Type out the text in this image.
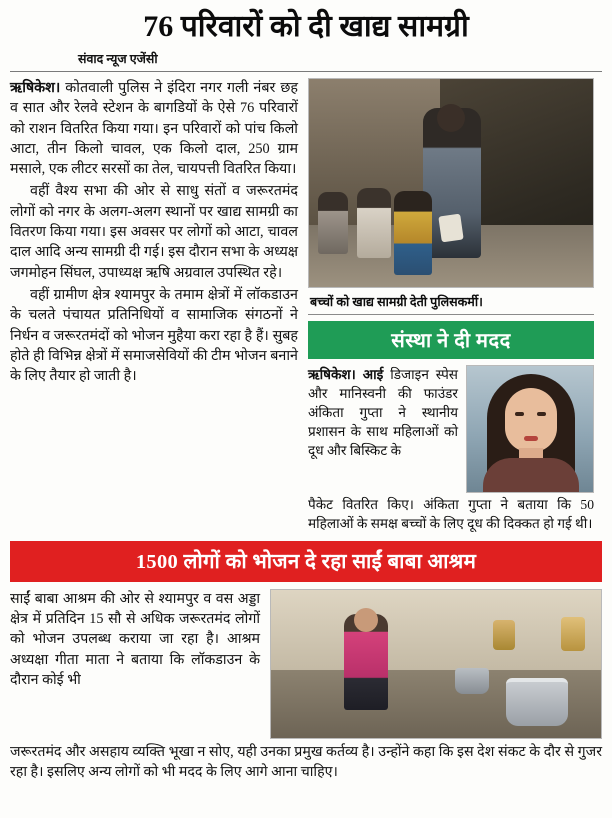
76 परिवारों को दी खाद्य सामग्री
संवाद न्यूज एजेंसी

ऋषिकेश। कोतवाली पुलिस ने इंदिरा नगर गली नंबर छह व सात और रेलवे स्टेशन के बागडियों के ऐसे 76 परिवारों को राशन वितरित किया गया। इन परिवारों को पांच किलो आटा, तीन किलो चावल, एक किलो दाल, 250 ग्राम मसाले, एक लीटर सरसों का तेल, चायपत्ती वितरित किया।

वहीं वैश्य सभा की ओर से साधु संतों व जरूरतमंद लोगों को नगर के अलग-अलग स्थानों पर खाद्य सामग्री का वितरण किया गया। इस अवसर पर लोगों को आटा, चावल दाल आदि अन्य सामग्री दी गई। इस दौरान सभा के अध्यक्ष जगमोहन सिंघल, उपाध्यक्ष ऋषि अग्रवाल उपस्थित रहे।

वहीं ग्रामीण क्षेत्र श्यामपुर के तमाम क्षेत्रों में लॉकडाउन के चलते पंचायत प्रतिनिधियों व सामाजिक संगठनों ने निर्धन व जरूरतमंदों को भोजन मुहैया करा रहा है हैं। सुबह होते ही विभिन्न क्षेत्रों में समाजसेवियों की टीम भोजन बनाने के लिए तैयार हो जाती है।

बच्चों को खाद्य सामग्री देती पुलिसकर्मी।
संस्था ने दी मदद

ऋषिकेश। आई डिजाइन स्पेस और मानिस्वनी की फाउंडर अंकिता गुप्ता ने स्थानीय प्रशासन के साथ महिलाओं को दूध और बिस्किट के

पैकेट वितरित किए। अंकिता गुप्ता ने बताया कि 50 महिलाओं के समक्ष बच्चों के लिए दूध की दिक्कत हो गई थी।
1500 लोगों को भोजन दे रहा साईं बाबा आश्रम

साईं बाबा आश्रम की ओर से श्यामपुर व वस अड्डा क्षेत्र में प्रतिदिन 15 सौ से अधिक जरूरतमंद लोगों को भोजन उपलब्ध कराया जा रहा है। आश्रम अध्यक्षा गीता माता ने बताया कि लॉकडाउन के दौरान कोई भी

जरूरतमंद और असहाय व्यक्ति भूखा न सोए, यही उनका प्रमुख कर्तव्य है। उन्होंने कहा कि इस देश संकट के दौर से गुजर रहा है। इसलिए अन्य लोगों को भी मदद के लिए आगे आना चाहिए।
